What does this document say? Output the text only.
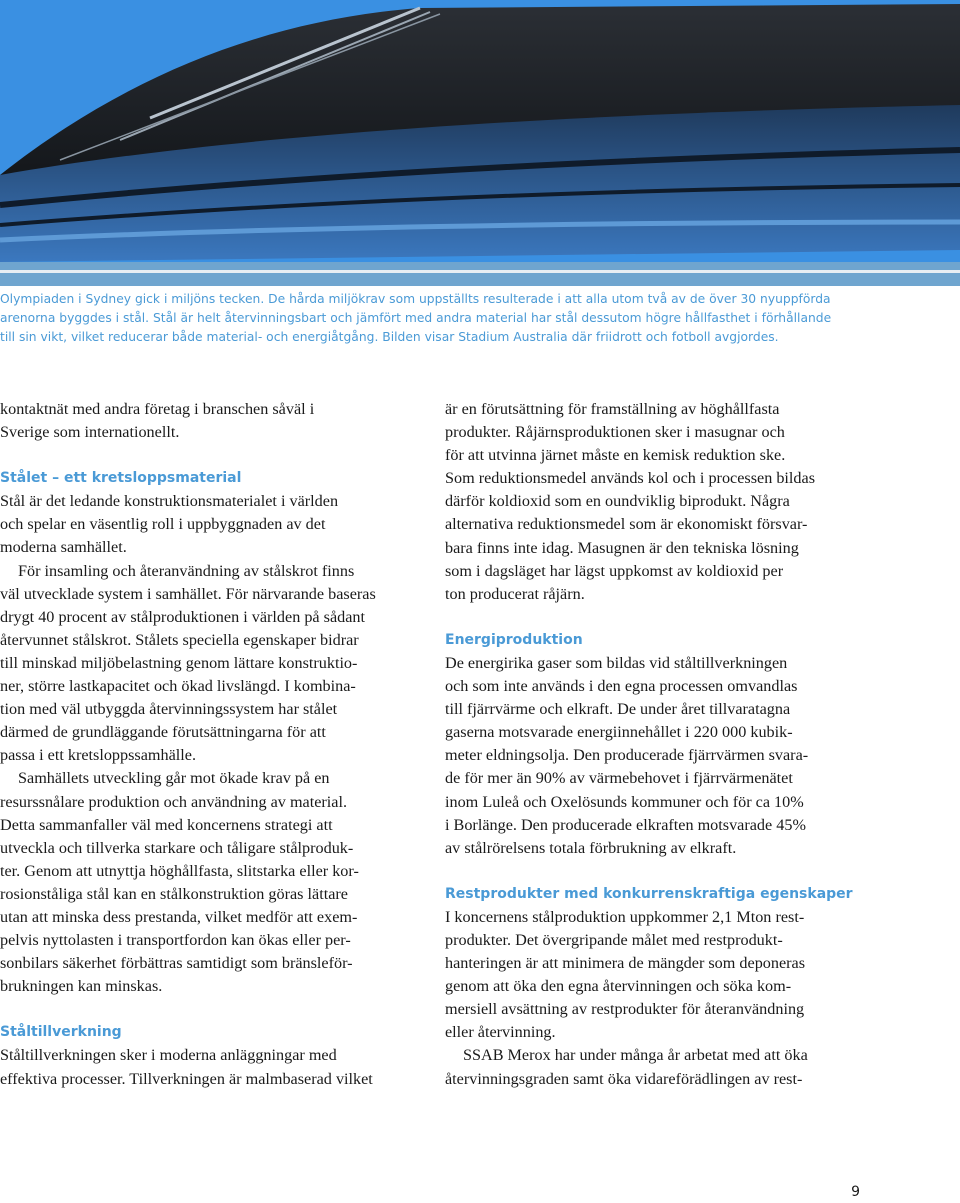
Olympiaden i Sydney gick i miljöns tecken. De hårda miljökrav som uppställts resulterade i att alla utom två av de över 30 nyuppförda
arenorna byggdes i stål. Stål är helt återvinningsbart och jämfört med andra material har stål dessutom högre hållfasthet i förhållande
till sin vikt, vilket reducerar både material- och energiåtgång. Bilden visar Stadium Australia där friidrott och fotboll avgjordes.
kontaktnät med andra företag i branschen såväl i
Sverige som internationellt.
Stålet – ett kretsloppsmaterial
Stål är det ledande konstruktionsmaterialet i världen
och spelar en väsentlig roll i uppbyggnaden av det
moderna samhället.
För insamling och återanvändning av stålskrot finns
väl utvecklade system i samhället. För närvarande baseras
drygt 40 procent av stålproduktionen i världen på sådant
återvunnet stålskrot. Stålets speciella egenskaper bidrar
till minskad miljöbelastning genom lättare konstruktio-
ner, större lastkapacitet och ökad livslängd. I kombina-
tion med väl utbyggda återvinningssystem har stålet
därmed de grundläggande förutsättningarna för att
passa i ett kretsloppssamhälle.
Samhällets utveckling går mot ökade krav på en
resurssnålare produktion och användning av material.
Detta sammanfaller väl med koncernens strategi att
utveckla och tillverka starkare och tåligare stålproduk-
ter. Genom att utnyttja höghållfasta, slitstarka eller kor-
rosionståliga stål kan en stålkonstruktion göras lättare
utan att minska dess prestanda, vilket medför att exem-
pelvis nyttolasten i transportfordon kan ökas eller per-
sonbilars säkerhet förbättras samtidigt som bränsleför-
brukningen kan minskas.
Ståltillverkning
Ståltillverkningen sker i moderna anläggningar med
effektiva processer. Tillverkningen är malmbaserad vilket
är en förutsättning för framställning av höghållfasta
produkter. Råjärnsproduktionen sker i masugnar och
för att utvinna järnet måste en kemisk reduktion ske.
Som reduktionsmedel används kol och i processen bildas
därför koldioxid som en oundviklig biprodukt. Några
alternativa reduktionsmedel som är ekonomiskt försvar-
bara finns inte idag. Masugnen är den tekniska lösning
som i dagsläget har lägst uppkomst av koldioxid per
ton producerat råjärn.
Energiproduktion
De energirika gaser som bildas vid ståltillverkningen
och som inte används i den egna processen omvandlas
till fjärrvärme och elkraft. De under året tillvaratagna
gaserna motsvarade energiinnehållet i 220 000 kubik-
meter eldningsolja. Den producerade fjärrvärmen svara-
de för mer än 90% av värmebehovet i fjärrvärmenätet
inom Luleå och Oxelösunds kommuner och för ca 10%
i Borlänge. Den producerade elkraften motsvarade 45%
av stålrörelsens totala förbrukning av elkraft.
Restprodukter med konkurrenskraftiga egenskaper
I koncernens stålproduktion uppkommer 2,1 Mton rest-
produkter. Det övergripande målet med restprodukt-
hanteringen är att minimera de mängder som deponeras
genom att öka den egna återvinningen och söka kom-
mersiell avsättning av restprodukter för återanvändning
eller återvinning.
SSAB Merox har under många år arbetat med att öka
återvinningsgraden samt öka vidareförädlingen av rest-
9
